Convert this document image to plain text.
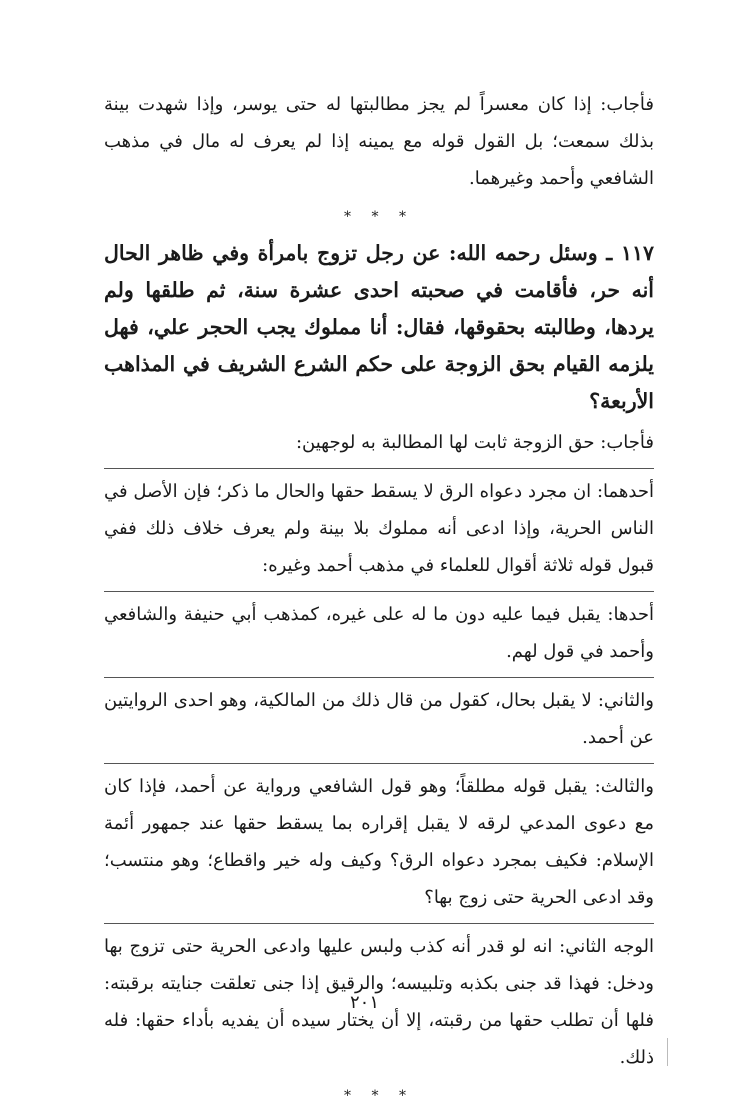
فأجاب: إذا كان معسراً لم يجز مطالبتها له حتى يوسر، وإذا شهدت بينة بذلك سمعت؛ بل القول قوله مع يمينه إذا لم يعرف له مال في مذهب الشافعي وأحمد وغيرهما.

* * *

١١٧ ـ وسئل رحمه الله: عن رجل تزوج بامرأة وفي ظاهر الحال أنه حر، فأقامت في صحبته احدى عشرة سنة، ثم طلقها ولم يردها، وطالبته بحقوقها، فقال: أنا مملوك يجب الحجر علي، فهل يلزمه القيام بحق الزوجة على حكم الشرع الشريف في المذاهب الأربعة؟

فأجاب: حق الزوجة ثابت لها المطالبة به لوجهين:

أحدهما: ان مجرد دعواه الرق لا يسقط حقها والحال ما ذكر؛ فإن الأصل في الناس الحرية، وإذا ادعى أنه مملوك بلا بينة ولم يعرف خلاف ذلك ففي قبول قوله ثلاثة أقوال للعلماء في مذهب أحمد وغيره:

أحدها: يقبل فيما عليه دون ما له على غيره، كمذهب أبي حنيفة والشافعي وأحمد في قول لهم.

والثاني: لا يقبل بحال، كقول من قال ذلك من المالكية، وهو احدى الروايتين عن أحمد.

والثالث: يقبل قوله مطلقاً؛ وهو قول الشافعي ورواية عن أحمد، فإذا كان مع دعوى المدعي لرقه لا يقبل إقراره بما يسقط حقها عند جمهور أئمة الإسلام: فكيف بمجرد دعواه الرق؟ وكيف وله خير واقطاع؛ وهو منتسب؛ وقد ادعى الحرية حتى زوج بها؟

الوجه الثاني: انه لو قدر أنه كذب ولبس عليها وادعى الحرية حتى تزوج بها ودخل: فهذا قد جنى بكذبه وتلبيسه؛ والرقيق إذا جنى تعلقت جنايته برقبته: فلها أن تطلب حقها من رقبته، إلا أن يختار سيده أن يفديه بأداء حقها: فله ذلك.

* * *
٢٠١
